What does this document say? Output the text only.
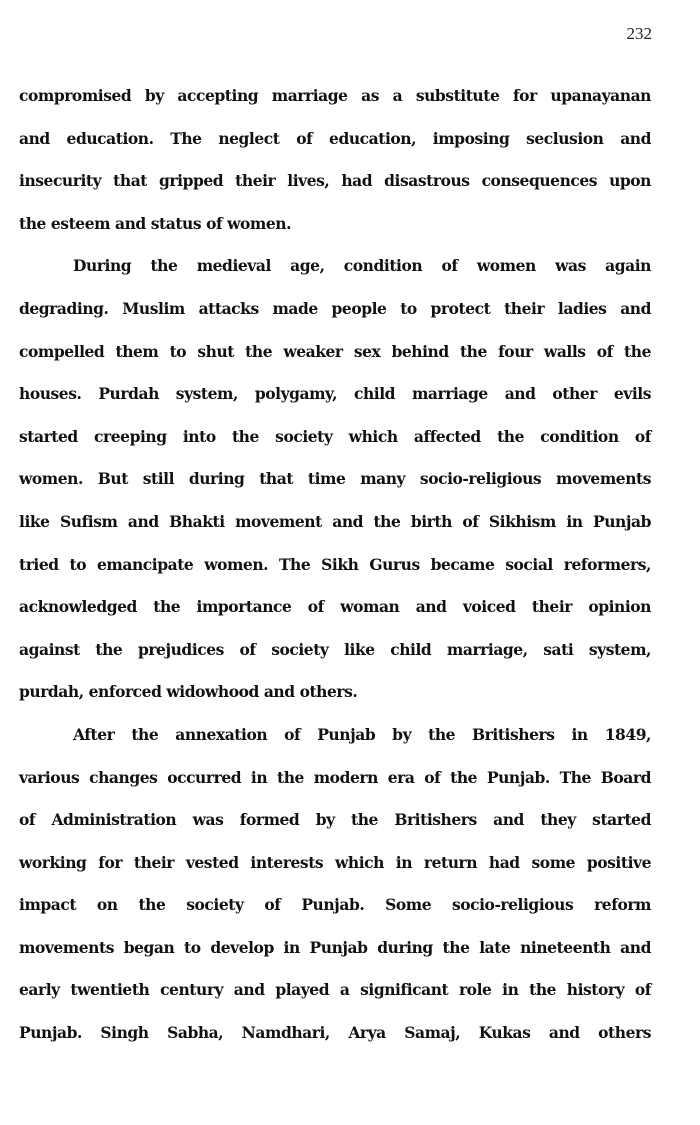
232
compromised by accepting marriage as a substitute for upanayanan
and education. The neglect of education, imposing seclusion and
insecurity that gripped their lives, had disastrous consequences upon
the esteem and status of women.
During the medieval age, condition of women was again
degrading. Muslim attacks made people to protect their ladies and
compelled them to shut the weaker sex behind the four walls of the
houses. Purdah system, polygamy, child marriage and other evils
started creeping into the society which affected the condition of
women. But still during that time many socio-religious movements
like Sufism and Bhakti movement and the birth of Sikhism in Punjab
tried to emancipate women. The Sikh Gurus became social reformers,
acknowledged the importance of woman and voiced their opinion
against the prejudices of society like child marriage, sati system,
purdah, enforced widowhood and others.
After the annexation of Punjab by the Britishers in 1849,
various changes occurred in the modern era of the Punjab. The Board
of Administration was formed by the Britishers and they started
working for their vested interests which in return had some positive
impact on the society of Punjab. Some socio-religious reform
movements began to develop in Punjab during the late nineteenth and
early twentieth century and played a significant role in the history of
Punjab. Singh Sabha, Namdhari, Arya Samaj, Kukas and others
